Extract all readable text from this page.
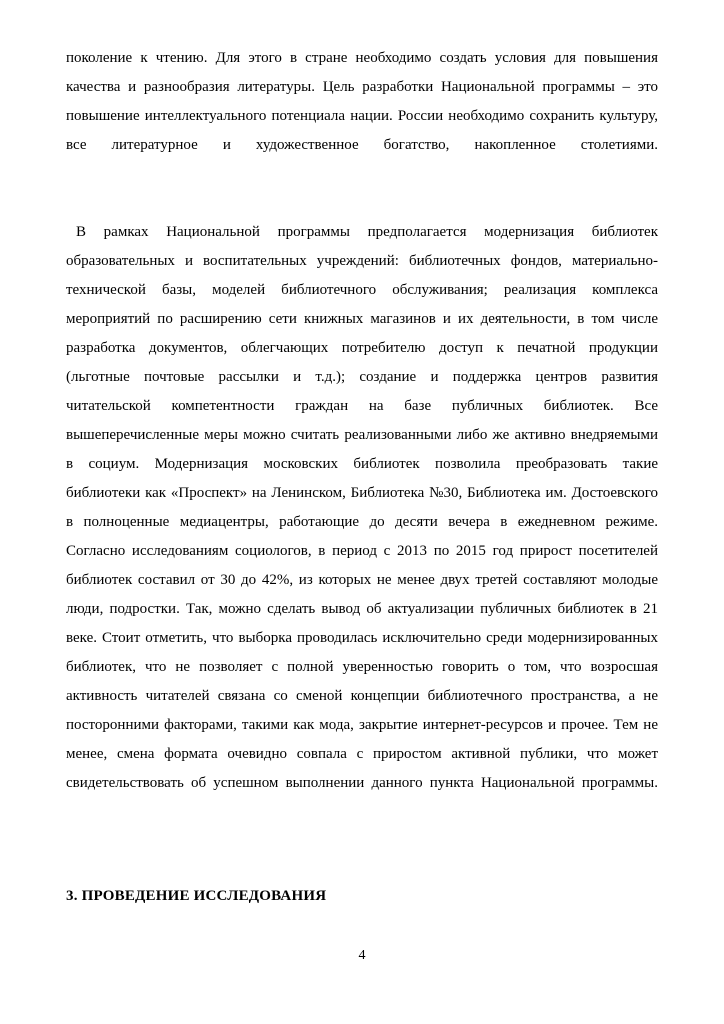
поколение к чтению. Для этого в стране необходимо создать условия для повышения качества и разнообразия литературы. Цель разработки Национальной программы – это повышение интеллектуального потенциала нации. России необходимо сохранить культуру, все литературное и художественное богатство, накопленное столетиями.

В рамках Национальной программы предполагается модернизация библиотек образовательных и воспитательных учреждений: библиотечных фондов, материально-технической базы, моделей библиотечного обслуживания; реализация комплекса мероприятий по расширению сети книжных магазинов и их деятельности, в том числе разработка документов, облегчающих потребителю доступ к печатной продукции (льготные почтовые рассылки и т.д.); создание и поддержка центров развития читательской компетентности граждан на базе публичных библиотек. Все вышеперечисленные меры можно считать реализованными либо же активно внедряемыми в социум. Модернизация московских библиотек позволила преобразовать такие библиотеки как «Проспект» на Ленинском, Библиотека №30, Библиотека им. Достоевского в полноценные медиацентры, работающие до десяти вечера в ежедневном режиме. Согласно исследованиям социологов, в период с 2013 по 2015 год прирост посетителей библиотек составил от 30 до 42%, из которых не менее двух третей составляют молодые люди, подростки. Так, можно сделать вывод об актуализации публичных библиотек в 21 веке. Стоит отметить, что выборка проводилась исключительно среди модернизированных библиотек, что не позволяет с полной уверенностью говорить о том, что возросшая активность читателей связана со сменой концепции библиотечного пространства, а не посторонними факторами, такими как мода, закрытие интернет-ресурсов и прочее. Тем не менее, смена формата очевидно совпала с приростом активной публики, что может свидетельствовать об успешном выполнении данного пункта Национальной программы.

3. ПРОВЕДЕНИЕ ИССЛЕДОВАНИЯ
4
